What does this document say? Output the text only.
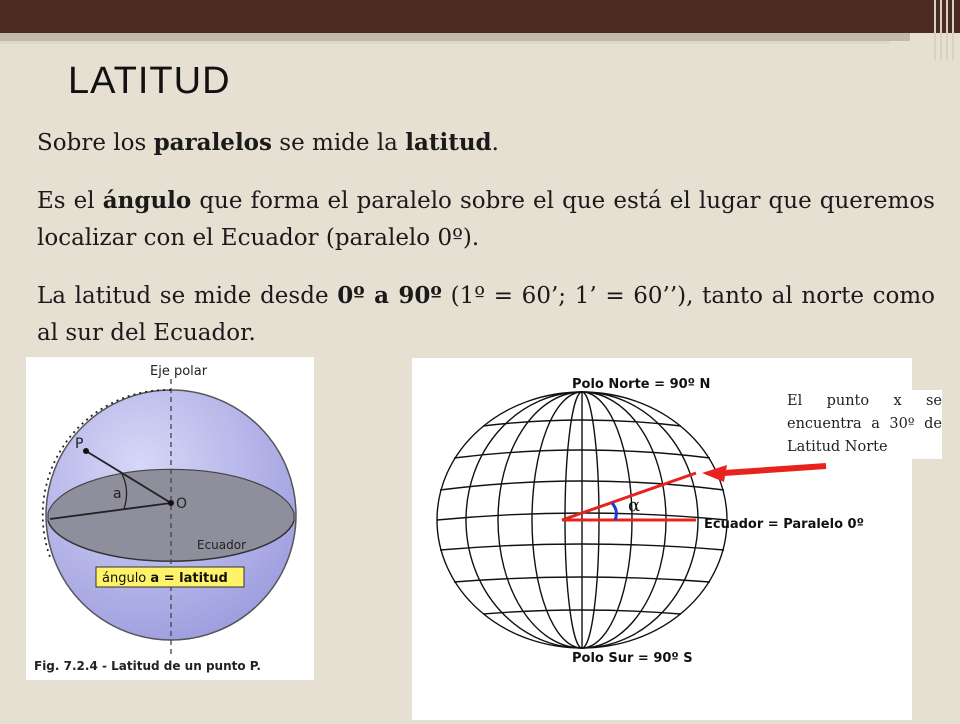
LATITUD

Sobre los paralelos se mide la latitud.

Es el ángulo que forma el paralelo sobre el que está el lugar que queremos localizar con el Ecuador (paralelo 0º).

La latitud se mide desde 0º a 90º (1º = 60’; 1’ = 60’’), tanto al norte como al sur del Ecuador.

Eje polar
P
a
O
Ecuador
ángulo a = latitud
Fig. 7.2.4 - Latitud de un punto P.
α
Polo Norte = 90º N
Ecuador = Paralelo 0º
Polo Sur = 90º S

El punto x se encuentra a 30º de Latitud Norte
